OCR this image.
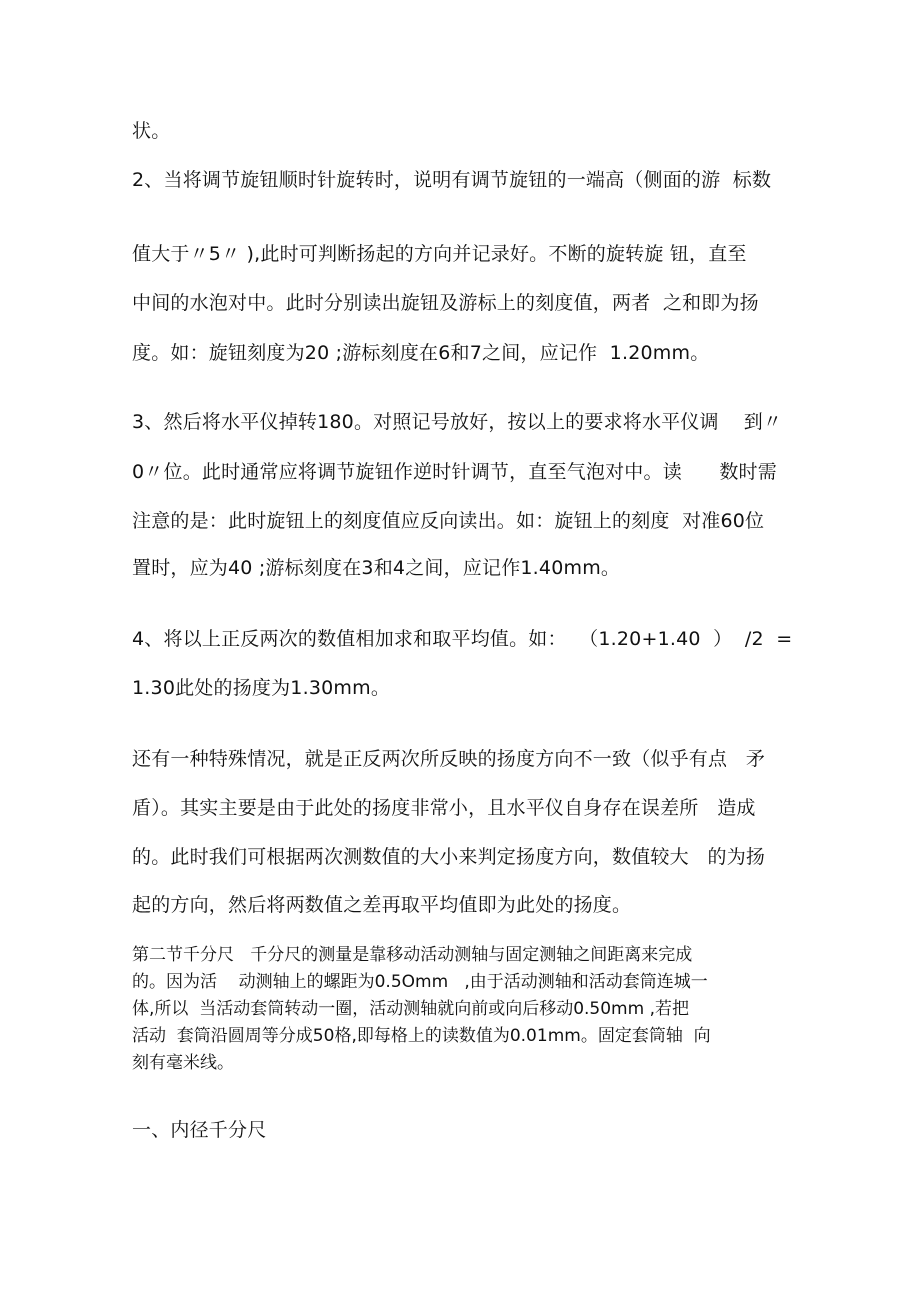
状。
2、当将调节旋钮顺时针旋转时，说明有调节旋钮的一端高（侧面的游  标数
值大于〃5〃 ),此时可判断扬起的方向并记录好。不断的旋转旋 钮，直至
中间的水泡对中。此时分别读出旋钮及游标上的刻度值，两者  之和即为扬
度。如：旋钮刻度为20 ;游标刻度在6和7之间，应记作  1.20mm。
3、然后将水平仪掉转180。对照记号放好，按以上的要求将水平仪调    到〃
0〃位。此时通常应将调节旋钮作逆时针调节，直至气泡对中。读      数时需
注意的是：此时旋钮上的刻度值应反向读出。如：旋钮上的刻度  对准60位
置时，应为40 ;游标刻度在3和4之间，应记作1.40mm。
4、将以上正反两次的数值相加求和取平均值。如：  （1.20+1.40  ）  /2  =
1.30此处的扬度为1.30mm。
还有一种特殊情况，就是正反两次所反映的扬度方向不一致（似乎有点   矛
盾）。其实主要是由于此处的扬度非常小，且水平仪自身存在误差所   造成
的。此时我们可根据两次测数值的大小来判定扬度方向，数值较大   的为扬
起的方向，然后将两数值之差再取平均值即为此处的扬度。
第二节千分尺   千分尺的测量是靠移动活动测轴与固定测轴之间距离来完成
的。因为活    动测轴上的螺距为0.5Omm   ,由于活动测轴和活动套筒连城一
体,所以  当活动套筒转动一圈，活动测轴就向前或向后移动0.50mm ,若把
活动  套筒沿圆周等分成50格,即每格上的读数值为0.01mm。固定套筒轴  向
刻有毫米线。
一、内径千分尺
